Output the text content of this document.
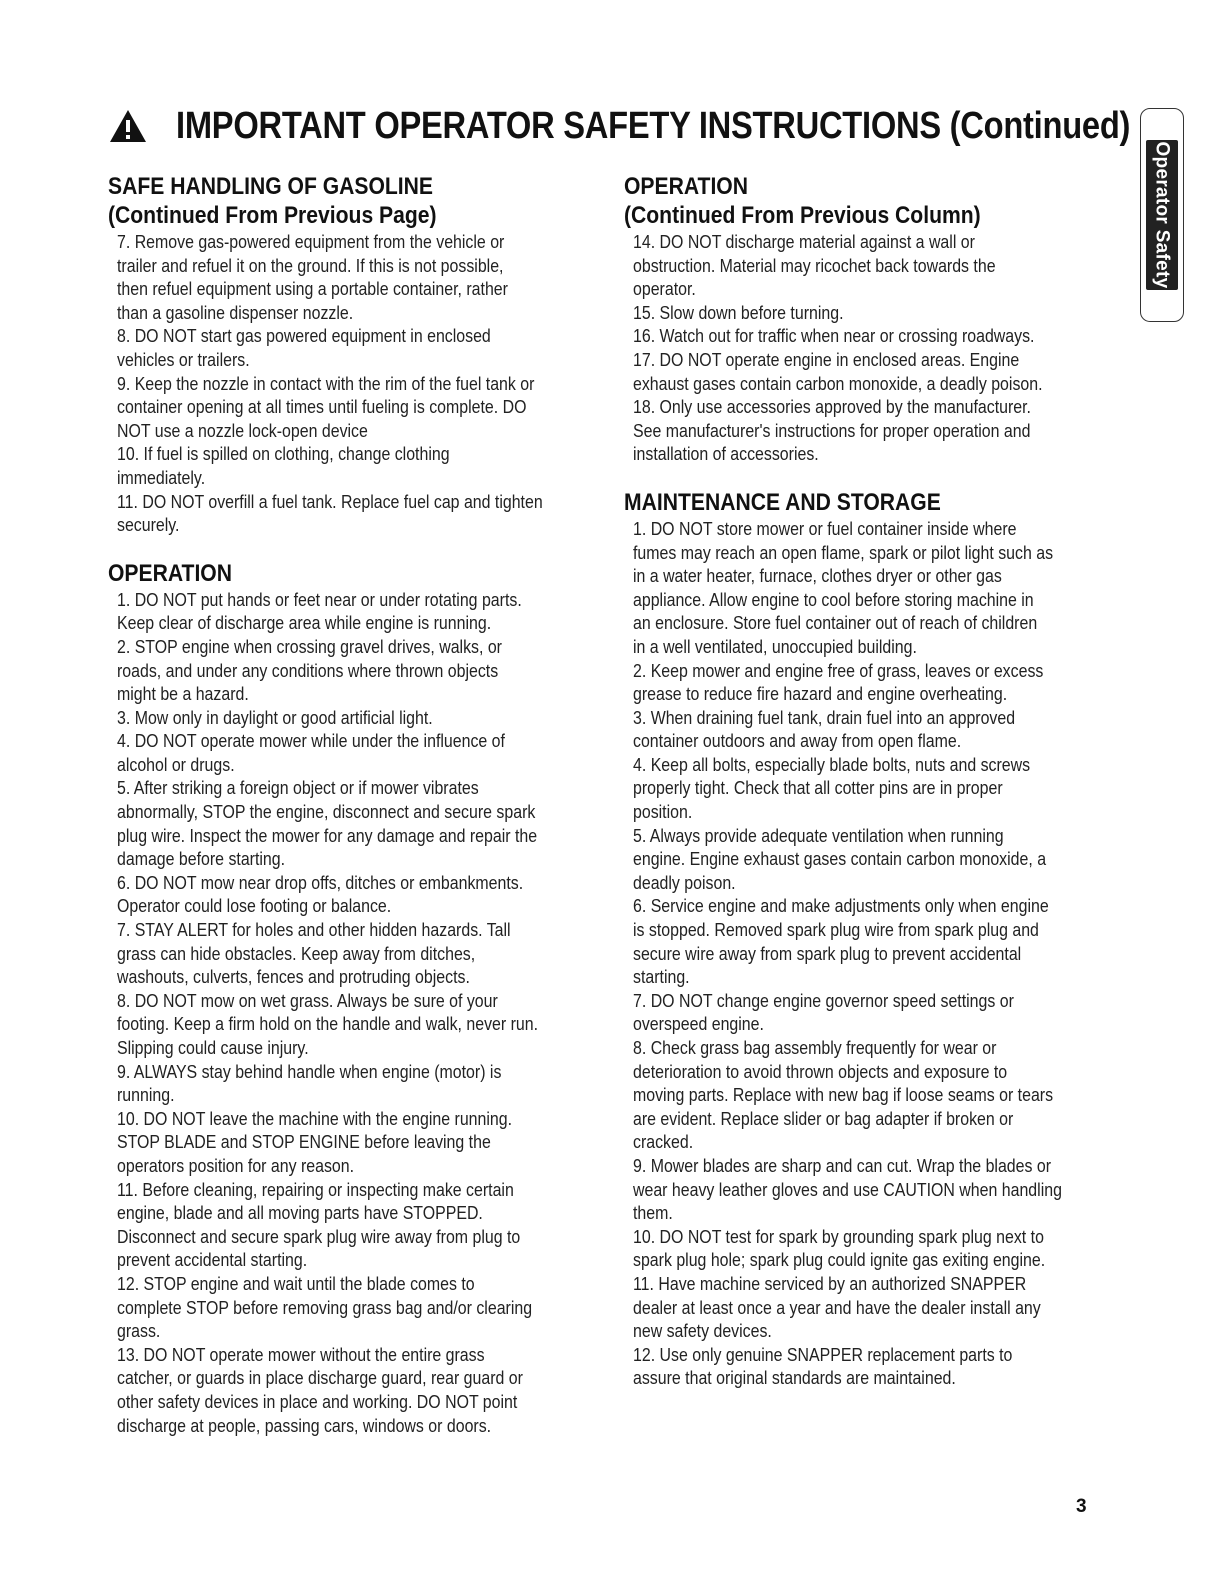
IMPORTANT OPERATOR SAFETY INSTRUCTIONS (Continued)
Operator Safety
SAFE HANDLING OF GASOLINE
(Continued From Previous Page)
7. Remove gas-powered equipment from the vehicle or
trailer and refuel it on the ground. If this is not possible,
then refuel equipment using a portable container, rather
than a gasoline dispenser nozzle.
8. DO NOT start gas powered equipment in enclosed
vehicles or trailers.
9. Keep the nozzle in contact with the rim of the fuel tank or
container opening at all times until fueling is complete. DO
NOT use a nozzle lock-open device
10. If fuel is spilled on clothing, change clothing
immediately.
11. DO NOT overfill a fuel tank. Replace fuel cap and tighten
securely.
OPERATION
1. DO NOT put hands or feet near or under rotating parts.
Keep clear of discharge area while engine is running.
2. STOP engine when crossing gravel drives, walks, or
roads, and under any conditions where thrown objects
might be a hazard.
3. Mow only in daylight or good artificial light.
4. DO NOT operate mower while under the influence of
alcohol or drugs.
5. After striking a foreign object or if mower vibrates
abnormally, STOP the engine, disconnect and secure spark
plug wire. Inspect the mower for any damage and repair the
damage before starting.
6. DO NOT mow near drop offs, ditches or embankments.
Operator could lose footing or balance.
7. STAY ALERT for holes and other hidden hazards. Tall
grass can hide obstacles. Keep away from ditches,
washouts, culverts, fences and protruding objects.
8. DO NOT mow on wet grass. Always be sure of your
footing. Keep a firm hold on the handle and walk, never run.
Slipping could cause injury.
9. ALWAYS stay behind handle when engine (motor) is
running.
10. DO NOT leave the machine with the engine running.
STOP BLADE and STOP ENGINE before leaving the
operators position for any reason.
11. Before cleaning, repairing or inspecting make certain
engine, blade and all moving parts have STOPPED.
Disconnect and secure spark plug wire away from plug to
prevent accidental starting.
12. STOP engine and wait until the blade comes to
complete STOP before removing grass bag and/or clearing
grass.
13. DO NOT operate mower without the entire grass
catcher, or guards in place discharge guard, rear guard or
other safety devices in place and working. DO NOT point
discharge at people, passing cars, windows or doors.
OPERATION
(Continued From Previous Column)
14. DO NOT discharge material against a wall or
obstruction. Material may ricochet back towards the
operator.
15. Slow down before turning.
16. Watch out for traffic when near or crossing roadways.
17. DO NOT operate engine in enclosed areas. Engine
exhaust gases contain carbon monoxide, a deadly poison.
18. Only use accessories approved by the manufacturer.
See manufacturer's instructions for proper operation and
installation of accessories.
MAINTENANCE AND STORAGE
1. DO NOT store mower or fuel container inside where
fumes may reach an open flame, spark or pilot light such as
in a water heater, furnace, clothes dryer or other gas
appliance. Allow engine to cool before storing machine in
an enclosure. Store fuel container out of reach of children
in a well ventilated, unoccupied building.
2. Keep mower and engine free of grass, leaves or excess
grease to reduce fire hazard and engine overheating.
3. When draining fuel tank, drain fuel into an approved
container outdoors and away from open flame.
4. Keep all bolts, especially blade bolts, nuts and screws
properly tight. Check that all cotter pins are in proper
position.
5. Always provide adequate ventilation when running
engine. Engine exhaust gases contain carbon monoxide, a
deadly poison.
6. Service engine and make adjustments only when engine
is stopped. Removed spark plug wire from spark plug and
secure wire away from spark plug to prevent accidental
starting.
7. DO NOT change engine governor speed settings or
overspeed engine.
8. Check grass bag assembly frequently for wear or
deterioration to avoid thrown objects and exposure to
moving parts. Replace with new bag if loose seams or tears
are evident. Replace slider or bag adapter if broken or
cracked.
9. Mower blades are sharp and can cut. Wrap the blades or
wear heavy leather gloves and use CAUTION when handling
them.
10. DO NOT test for spark by grounding spark plug next to
spark plug hole; spark plug could ignite gas exiting engine.
11. Have machine serviced by an authorized SNAPPER
dealer at least once a year and have the dealer install any
new safety devices.
12. Use only genuine SNAPPER replacement parts to
assure that original standards are maintained.
3
